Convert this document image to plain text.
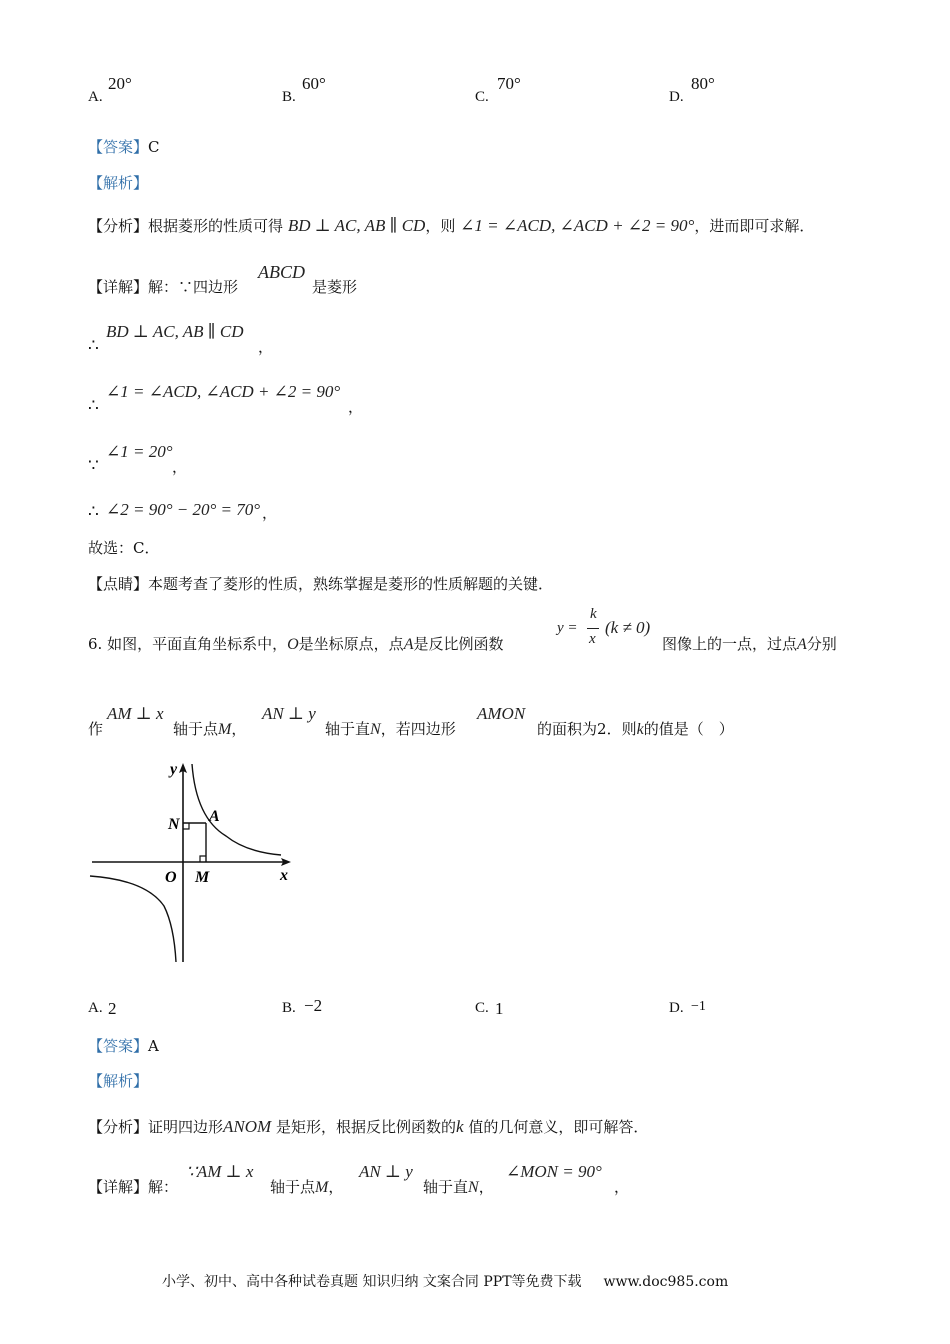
A.
20°
B.
60°
C.
70°
D.
80°
【答案】C
【解析】
【分析】根据菱形的性质可得 BD ⊥ AC, AB ∥ CD，则 ∠1 = ∠ACD, ∠ACD + ∠2 = 90°，进而即可求解．
【详解】解：∵四边形
ABCD
是菱形
∴
BD ⊥ AC, AB ∥ CD
，
∴
∠1 = ∠ACD, ∠ACD + ∠2 = 90°
，
∵
∠1 = 20°
，
∴ ∠2 = 90° − 20° = 70° ，
故选：C．
【点睛】本题考查了菱形的性质，熟练掌握是菱形的性质解题的关键．
6. 如图，平面直角坐标系中，O是坐标原点，点A是反比例函数
y =
k
x
(k ≠ 0)
图像上的一点，过点A分别
作
AM ⊥ x
轴于点M，
AN ⊥ y
轴于直N，若四边形
AMON
的面积为2．则k的值是（　）
y
x
N A
O M
A. 2	B. −2	C. 1	D. −1
【答案】A
【解析】
【分析】证明四边形ANOM 是矩形，根据反比例函数的k 值的几何意义，即可解答．
【详解】解：
∵AM ⊥ x
轴于点M，
AN ⊥ y
轴于直N，
∠MON = 90°
，
小学、初中、高中各种试卷真题 知识归纳 文案合同 PPT等免费下载 www.doc985.com
